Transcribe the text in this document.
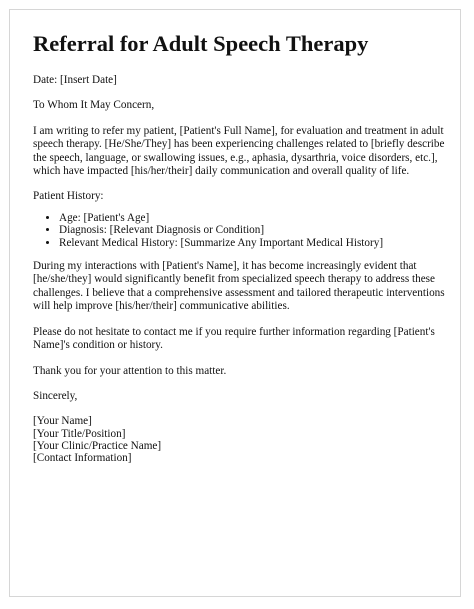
Referral for Adult Speech Therapy

Date: [Insert Date]

To Whom It May Concern,

I am writing to refer my patient, [Patient's Full Name], for evaluation and treatment in adult speech therapy. [He/She/They] has been experiencing challenges related to [briefly describe the speech, language, or swallowing issues, e.g., aphasia, dysarthria, voice disorders, etc.], which have impacted [his/her/their] daily communication and overall quality of life.

Patient History:

• Age: [Patient's Age]
• Diagnosis: [Relevant Diagnosis or Condition]
• Relevant Medical History: [Summarize Any Important Medical History]

During my interactions with [Patient's Name], it has become increasingly evident that [he/she/they] would significantly benefit from specialized speech therapy to address these challenges. I believe that a comprehensive assessment and tailored therapeutic interventions will help improve [his/her/their] communicative abilities.

Please do not hesitate to contact me if you require further information regarding [Patient's Name]'s condition or history.

Thank you for your attention to this matter.

Sincerely,

[Your Name]
[Your Title/Position]
[Your Clinic/Practice Name]
[Contact Information]
